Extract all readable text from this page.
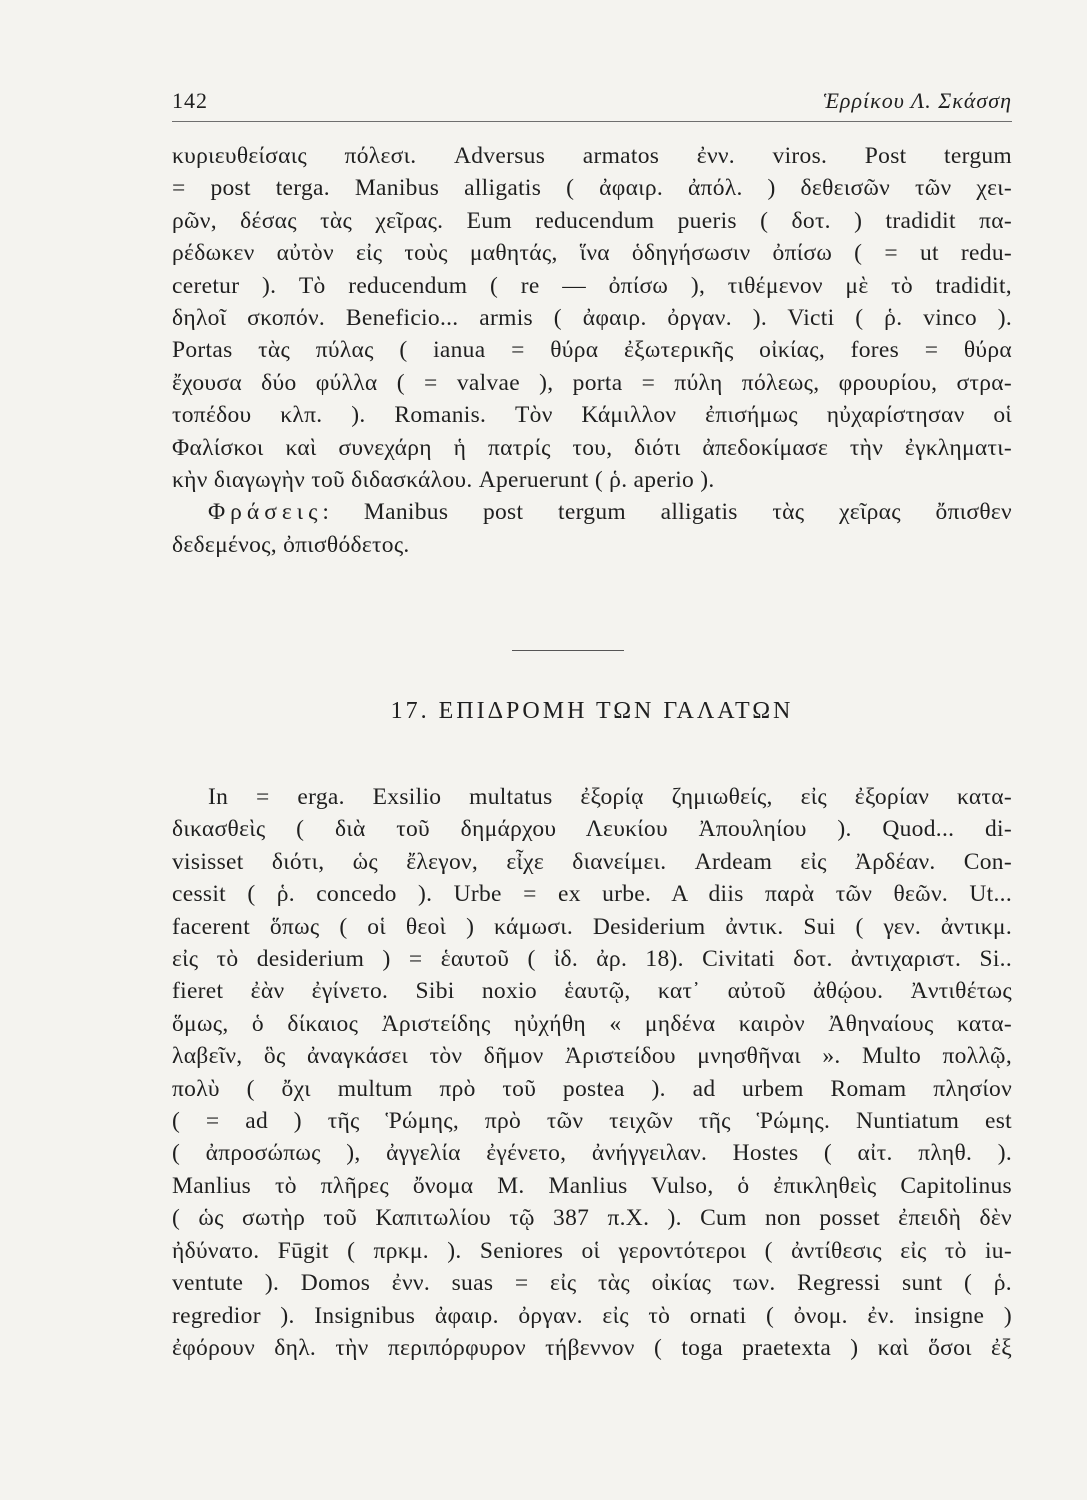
142	Ἑρρίκου Λ. Σκάσση
κυριευθείσαις πόλεσι. Adversus armatos ἐνν. viros. Post tergum
= post terga. Manibus alligatis ( ἀφαιρ. ἀπόλ. ) δεθεισῶν τῶν χει-
ρῶν, δέσας τὰς χεῖρας. Eum reducendum pueris ( δοτ. ) tradidit πα-
ρέδωκεν αὐτὸν εἰς τοὺς μαθητάς, ἵνα ὁδηγήσωσιν ὀπίσω ( = ut redu-
ceretur ). Τὸ reducendum ( re — ὀπίσω ), τιθέμενον μὲ τὸ tradidit,
δηλοῖ σκοπόν. Beneficio... armis ( ἀφαιρ. ὀργαν. ). Victi ( ῥ. vinco ).
Portas τὰς πύλας ( ianua = θύρα ἐξωτερικῆς οἰκίας, fores = θύρα
ἔχουσα δύο φύλλα ( = valvae ), porta = πύλη πόλεως, φρουρίου, στρα-
τοπέδου κλπ. ). Romanis. Τὸν Κάμιλλον ἐπισήμως ηὐχαρίστησαν οἱ
Φαλίσκοι καὶ συνεχάρη ἡ πατρίς του, διότι ἀπεδοκίμασε τὴν ἐγκληματι-
κὴν διαγωγὴν τοῦ διδασκάλου. Aperuerunt ( ῥ. aperio ).
Φράσεις: Manibus post tergum alligatis τὰς χεῖρας ὄπισθεν
δεδεμένος, ὀπισθόδετος.
17. ΕΠΙΔΡΟΜΗ ΤΩΝ ΓΑΛΑΤΩΝ
In = erga. Exsilio multatus ἐξορίᾳ ζημιωθείς, εἰς ἐξορίαν κατα-
δικασθεὶς ( διὰ τοῦ δημάρχου Λευκίου Ἀπουληίου ). Quod... di-
visisset διότι, ὡς ἔλεγον, εἶχε διανείμει. Ardeam εἰς Ἀρδέαν. Con-
cessit ( ῥ. concedo ). Urbe = ex urbe. A diis παρὰ τῶν θεῶν. Ut...
facerent ὅπως ( οἱ θεοὶ ) κάμωσι. Desiderium ἀντικ. Sui ( γεν. ἀντικμ.
εἰς τὸ desiderium ) = ἑαυτοῦ ( ἰδ. ἀρ. 18). Civitati δοτ. ἀντιχαριστ. Si..
fieret ἐὰν ἐγίνετο. Sibi noxio ἑαυτῷ, κατ᾽ αὐτοῦ ἀθῴου. Ἀντιθέτως
ὅμως, ὁ δίκαιος Ἀριστείδης ηὐχήθη « μηδένα καιρὸν Ἀθηναίους κατα-
λαβεῖν, ὃς ἀναγκάσει τὸν δῆμον Ἀριστείδου μνησθῆναι ». Multo πολλῷ,
πολὺ ( ὄχι multum πρὸ τοῦ postea ). ad urbem Romam πλησίον
( = ad ) τῆς Ῥώμης, πρὸ τῶν τειχῶν τῆς Ῥώμης. Nuntiatum est
( ἀπροσώπως ), ἀγγελία ἐγένετο, ἀνήγγειλαν. Hostes ( αἰτ. πληθ. ).
Manlius τὸ πλῆρες ὄνομα M. Manlius Vulso, ὁ ἐπικληθεὶς Capitolinus
( ὡς σωτὴρ τοῦ Καπιτωλίου τῷ 387 π.Χ. ). Cum non posset ἐπειδὴ δὲν
ἠδύνατο. Fūgit ( πρκμ. ). Seniores οἱ γεροντότεροι ( ἀντίθεσις εἰς τὸ iu-
ventute ). Domos ἐνν. suas = εἰς τὰς οἰκίας των. Regressi sunt ( ῥ.
regredior ). Insignibus ἀφαιρ. ὀργαν. εἰς τὸ ornati ( ὀνομ. ἐν. insigne )
ἐφόρουν δηλ. τὴν περιπόρφυρον τήβεννον ( toga praetexta ) καὶ ὅσοι ἐξ
